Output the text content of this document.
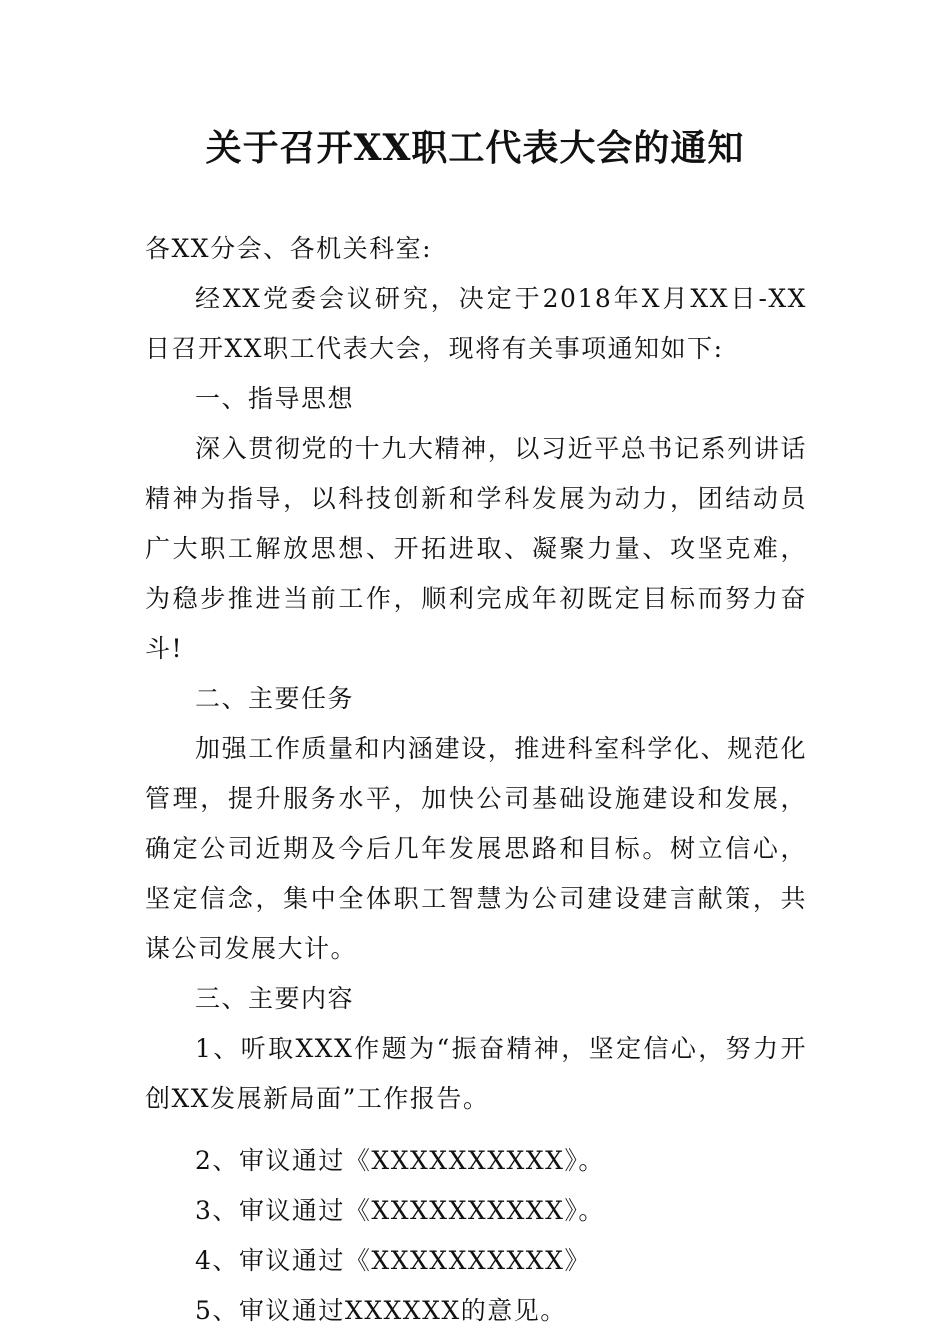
关于召开XX职工代表大会的通知

各XX分会、各机关科室:

经XX党委会议研究，决定于2018年X月XX日-XX日召开XX职工代表大会，现将有关事项通知如下:

一、指导思想

深入贯彻党的十九大精神，以习近平总书记系列讲话精神为指导，以科技创新和学科发展为动力，团结动员广大职工解放思想、开拓进取、凝聚力量、攻坚克难，为稳步推进当前工作，顺利完成年初既定目标而努力奋斗!

二、主要任务

加强工作质量和内涵建设，推进科室科学化、规范化管理，提升服务水平，加快公司基础设施建设和发展，确定公司近期及今后几年发展思路和目标。树立信心，坚定信念，集中全体职工智慧为公司建设建言献策，共谋公司发展大计。

三、主要内容

1、听取XXX作题为“振奋精神，坚定信心，努力开创XX发展新局面”工作报告。

2、审议通过《XXXXXXXXXX》。

3、审议通过《XXXXXXXXXX》。

4、审议通过《XXXXXXXXXX》

5、审议通过XXXXXX的意见。
